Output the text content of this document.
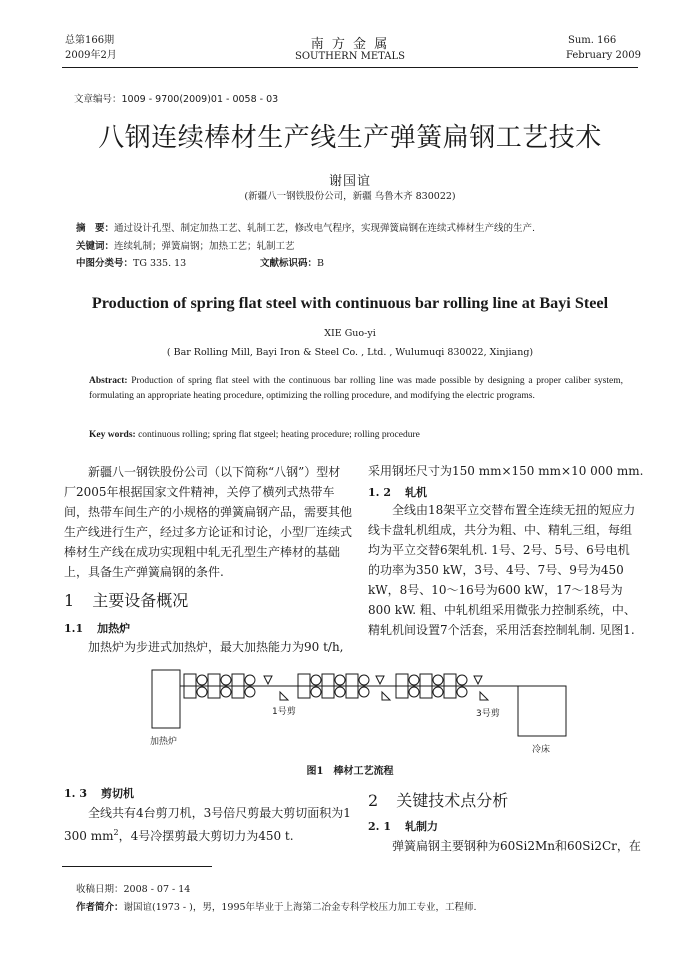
总第166期
2009年2月
南 方 金 属
SOUTHERN METALS
Sum. 166
February 2009
文章编号：1009 - 9700(2009)01 - 0058 - 03
八钢连续棒材生产线生产弹簧扁钢工艺技术
谢国谊
(新疆八一钢铁股份公司，新疆 乌鲁木齐 830022)
摘　要：通过设计孔型、制定加热工艺、轧制工艺，修改电气程序，实现弹簧扁钢在连续式棒材生产线的生产.
关键词：连续轧制；弹簧扁钢；加热工艺；轧制工艺
中图分类号：TG 335. 13	文献标识码：B
Production of spring flat steel with continuous bar rolling line at Bayi Steel
XIE Guo-yi
( Bar Rolling Mill, Bayi Iron & Steel Co. , Ltd. , Wulumuqi 830022, Xinjiang)
Abstract: Production of spring flat steel with the continuous bar rolling line was made possible by designing a proper caliber system, formulating an appropriate heating procedure, optimizing the rolling procedure, and modifying the electric programs.
Key words: continuous rolling; spring flat stgeel; heating procedure; rolling procedure
新疆八一钢铁股份公司（以下简称“八钢”）型材厂2005年根据国家文件精神，关停了横列式热带车间，热带车间生产的小规格的弹簧扁钢产品，需要其他生产线进行生产，经过多方论证和讨论，小型厂连续式棒材生产线在成功实现粗中轧无孔型生产棒材的基础上，具备生产弹簧扁钢的条件.
1 主要设备概况
1.1 加热炉
加热炉为步进式加热炉，最大加热能力为90 t/h,
采用钢坯尺寸为150 mm×150 mm×10 000 mm.
1. 2 轧机
全线由18架平立交替布置全连续无扭的短应力线卡盘轧机组成，共分为粗、中、精轧三组，每组均为平立交替6架轧机. 1号、2号、5号、6号电机的功率为350 kW，3号、4号、7号、9号为450 kW，8号、10～16号为600 kW，17～18号为800 kW. 粗、中轧机组采用微张力控制系统，中、精轧机间设置7个活套，采用活套控制轧制. 见图1.
1号剪	3号剪
加热炉
冷床
图1　棒材工艺流程
1. 3 剪切机
全线共有4台剪刀机，3号倍尺剪最大剪切面积为1 300 $mm^2$，4号冷摆剪最大剪切力为450 t.
2 关键技术点分析
2. 1 轧制力
弹簧扁钢主要钢种为60Si2Mn和60Si2Cr，在
收稿日期：2008 - 07 - 14
作者简介：谢国谊(1973 - )，男，1995年毕业于上海第二冶金专科学校压力加工专业，工程师.
